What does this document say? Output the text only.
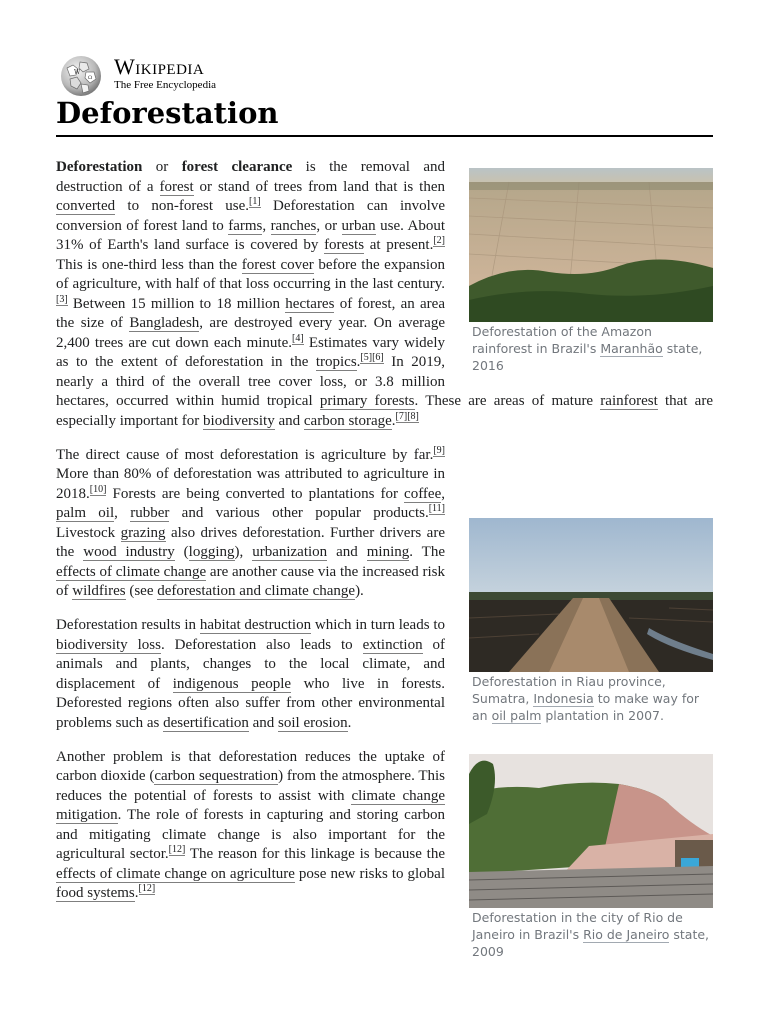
W
Ω Wikipedia
The Free Encyclopedia
Deforestation
Deforestation of the Amazon rainforest in Brazil's Maranhão state, 2016

Deforestation or forest clearance is the removal and destruction of a forest or stand of trees from land that is then converted to non-forest use.[1] Deforestation can involve conversion of forest land to farms, ranches, or urban use. About 31% of Earth's land surface is covered by forests at present.[2] This is one-third less than the forest cover before the expansion of agriculture, with half of that loss occurring in the last century.[3] Between 15 million to 18 million hectares of forest, an area the size of Bangladesh, are destroyed every year. On average 2,400 trees are cut down each minute.[4] Estimates vary widely as to the extent of deforestation in the tropics.[5][6] In 2019, nearly a third of the overall tree cover loss, or 3.8 million hectares, occurred within humid tropical primary forests. These are areas of mature rainforest that are especially important for biodiversity and carbon storage.[7][8]

Deforestation in Riau province, Sumatra, Indonesia to make way for an oil palm plantation in 2007.

The direct cause of most deforestation is agriculture by far.[9] More than 80% of deforestation was attributed to agriculture in 2018.[10] Forests are being converted to plantations for coffee, palm oil, rubber and various other popular products.[11] Livestock grazing also drives deforestation. Further drivers are the wood industry (logging), urbanization and mining. The effects of climate change are another cause via the increased risk of wildfires (see deforestation and climate change).

Deforestation in the city of Rio de Janeiro in Brazil's Rio de Janeiro state, 2009

Deforestation results in habitat destruction which in turn leads to biodiversity loss. Deforestation also leads to extinction of animals and plants, changes to the local climate, and displacement of indigenous people who live in forests. Deforested regions often also suffer from other environmental problems such as desertification and soil erosion.

Another problem is that deforestation reduces the uptake of carbon dioxide (carbon sequestration) from the atmosphere. This reduces the potential of forests to assist with climate change mitigation. The role of forests in capturing and storing carbon and mitigating climate change is also important for the agricultural sector.[12] The reason for this linkage is because the effects of climate change on agriculture pose new risks to global food systems.[12]
